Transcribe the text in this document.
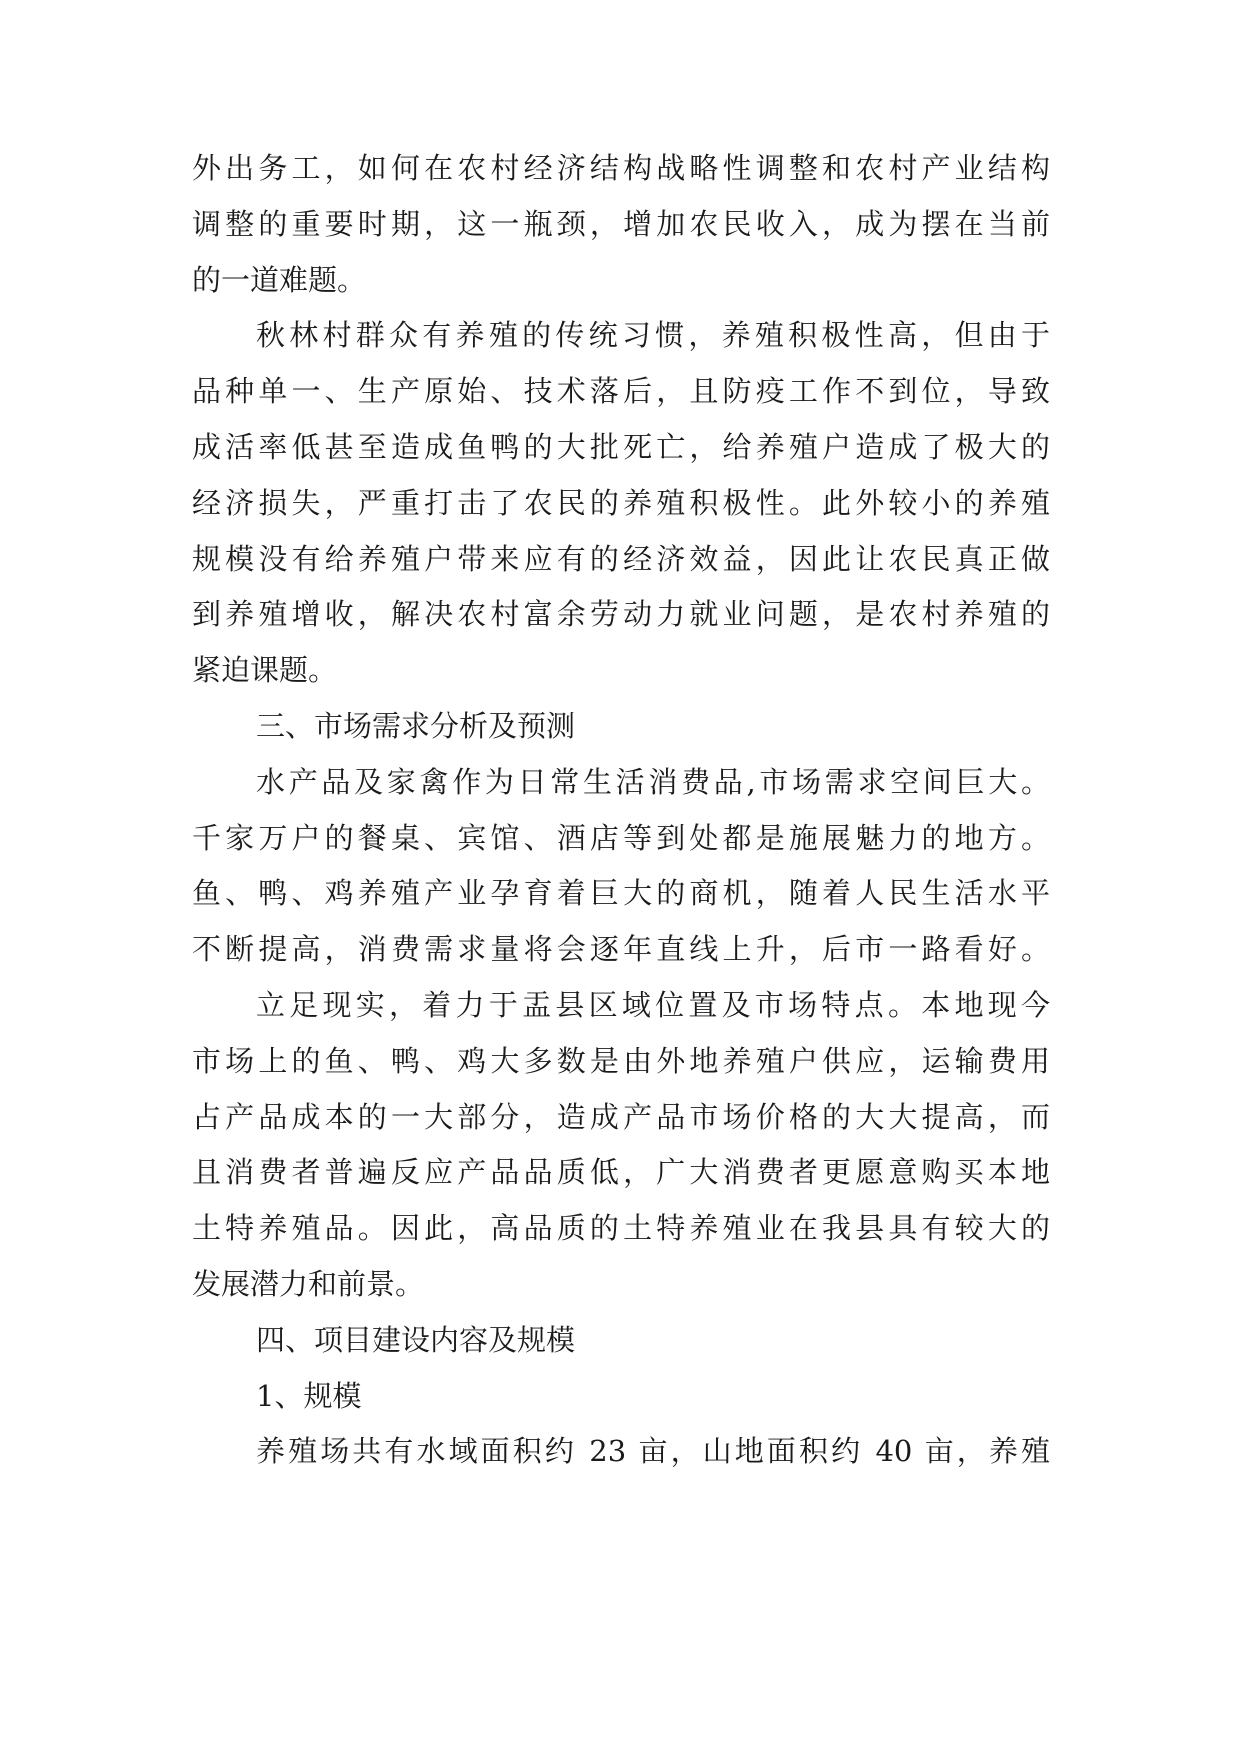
外出务工，如何在农村经济结构战略性调整和农村产业结构
调整的重要时期，这一瓶颈，增加农民收入，成为摆在当前
的一道难题。
秋林村群众有养殖的传统习惯，养殖积极性高，但由于
品种单一、生产原始、技术落后，且防疫工作不到位，导致
成活率低甚至造成鱼鸭的大批死亡，给养殖户造成了极大的
经济损失，严重打击了农民的养殖积极性。此外较小的养殖
规模没有给养殖户带来应有的经济效益，因此让农民真正做
到养殖增收，解决农村富余劳动力就业问题，是农村养殖的
紧迫课题。
三、市场需求分析及预测
水产品及家禽作为日常生活消费品,市场需求空间巨大。
千家万户的餐桌、宾馆、酒店等到处都是施展魅力的地方。
鱼、鸭、鸡养殖产业孕育着巨大的商机，随着人民生活水平
不断提高，消费需求量将会逐年直线上升，后市一路看好。
立足现实，着力于盂县区域位置及市场特点。本地现今
市场上的鱼、鸭、鸡大多数是由外地养殖户供应，运输费用
占产品成本的一大部分，造成产品市场价格的大大提高，而
且消费者普遍反应产品品质低，广大消费者更愿意购买本地
土特养殖品。因此，高品质的土特养殖业在我县具有较大的
发展潜力和前景。
四、项目建设内容及规模
1、规模
养殖场共有水域面积约 23 亩，山地面积约 40 亩，养殖
